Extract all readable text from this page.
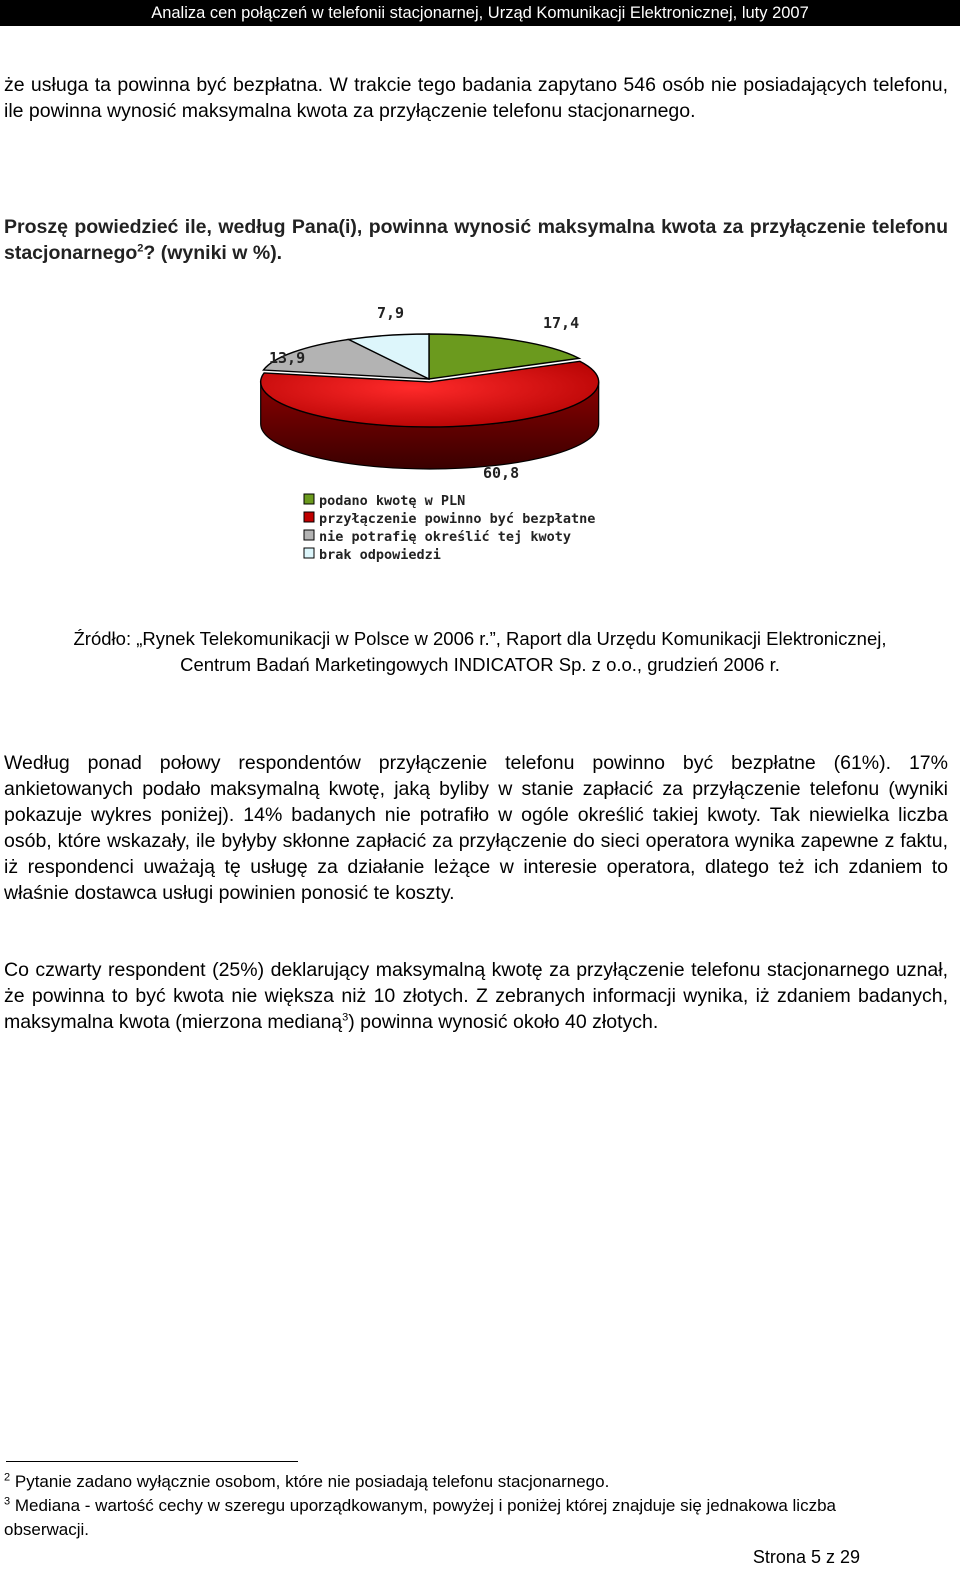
Analiza cen połączeń w telefonii stacjonarnej, Urząd Komunikacji Elektronicznej, luty 2007

że usługa ta powinna być bezpłatna. W trakcie tego badania zapytano 546 osób nie posiadających telefonu, ile powinna wynosić maksymalna kwota za przyłączenie telefonu stacjonarnego.

Proszę powiedzieć ile, według Pana(i), powinna wynosić maksymalna kwota za przyłączenie telefonu stacjonarnego$^2$? (wyniki w %).

17,4
60,8
13,9
7,9
podano kwotę w PLN
przyłączenie powinno być bezpłatne
nie potrafię określić tej kwoty
brak odpowiedzi
Źródło: „Rynek Telekomunikacji w Polsce w 2006 r.”, Raport dla Urzędu Komunikacji Elektronicznej,
Centrum Badań Marketingowych INDICATOR Sp. z o.o., grudzień 2006 r.

Według ponad połowy respondentów przyłączenie telefonu powinno być bezpłatne (61%). 17% ankietowanych podało maksymalną kwotę, jaką byliby w stanie zapłacić za przyłączenie telefonu (wyniki pokazuje wykres poniżej). 14% badanych nie potrafiło w ogóle określić takiej kwoty. Tak niewielka liczba osób, które wskazały, ile byłyby skłonne zapłacić za przyłączenie do sieci operatora wynika zapewne z faktu, iż respondenci uważają tę usługę za działanie leżące w interesie operatora, dlatego też ich zdaniem to właśnie dostawca usługi powinien ponosić te koszty.

Co czwarty respondent (25%) deklarujący maksymalną kwotę za przyłączenie telefonu stacjonarnego uznał, że powinna to być kwota nie większa niż 10 złotych. Z zebranych informacji wynika, iż zdaniem badanych, maksymalna kwota (mierzona medianą$^3$) powinna wynosić około 40 złotych.

$^2$ Pytanie zadano wyłącznie osobom, które nie posiadają telefonu stacjonarnego.
$^3$ Mediana - wartość cechy w szeregu uporządkowanym, powyżej i poniżej której znajduje się jednakowa liczba obserwacji.
Strona 5 z 29
